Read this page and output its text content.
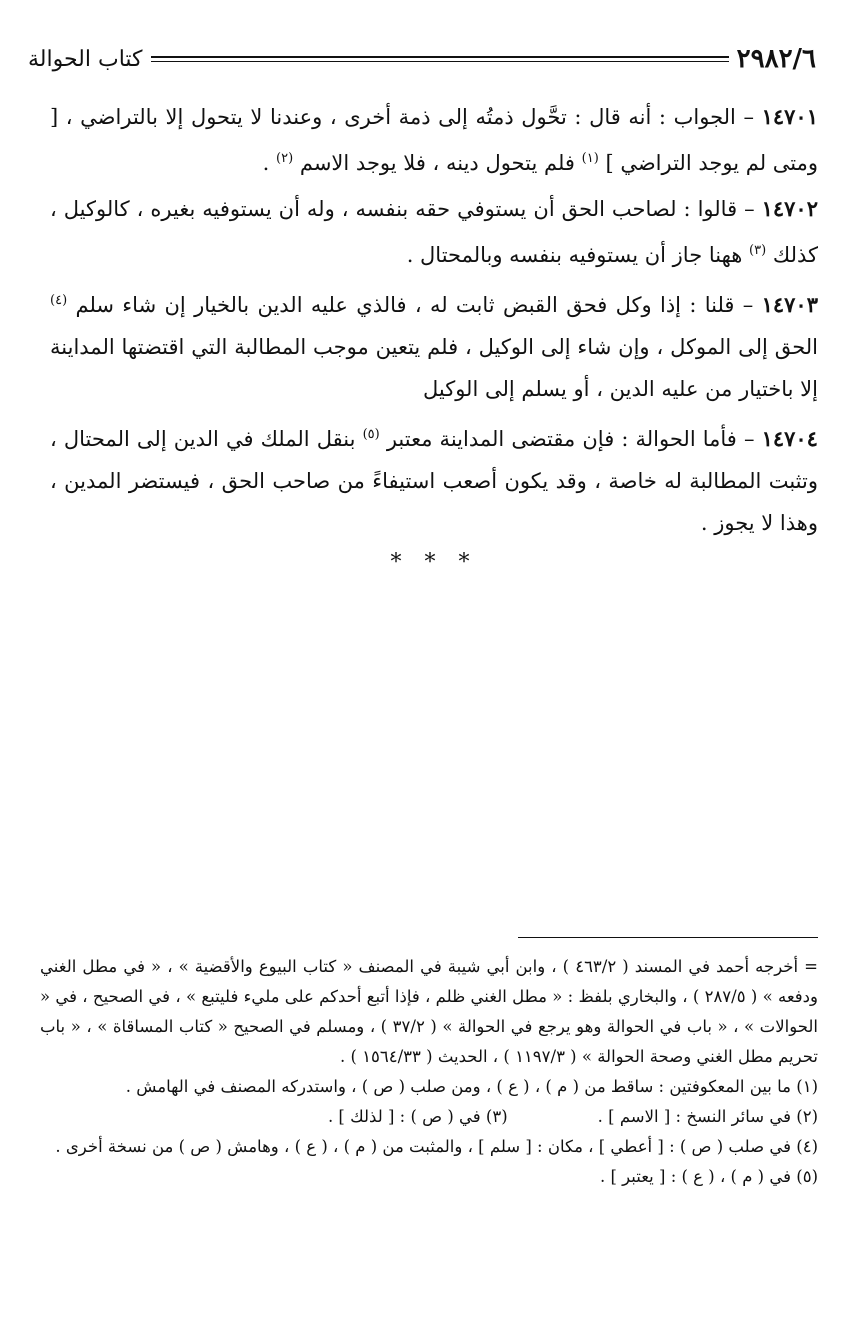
٢٩٨٢/٦
كتاب الحوالة

١٤٧٠١ – الجواب : أنه قال : تحَّول ذمتُه إلى ذمة أخرى ، وعندنا لا يتحول إلا بالتراضي ، [ ومتى لم يوجد التراضي ] $^{(١)}$ فلم يتحول دينه ، فلا يوجد الاسم $^{(٢)}$ .

١٤٧٠٢ – قالوا : لصاحب الحق أن يستوفي حقه بنفسه ، وله أن يستوفيه بغيره ، كالوكيل ، كذلك $^{(٣)}$ ههنا جاز أن يستوفيه بنفسه وبالمحتال .

١٤٧٠٣ – قلنا : إذا وكل فحق القبض ثابت له ، فالذي عليه الدين بالخيار إن شاء سلم $^{(٤)}$ الحق إلى الموكل ، وإن شاء إلى الوكيل ، فلم يتعين موجب المطالبة التي اقتضتها المداينة إلا باختيار من عليه الدين ، أو يسلم إلى الوكيل

١٤٧٠٤ – فأما الحوالة : فإن مقتضى المداينة معتبر $^{(٥)}$ بنقل الملك في الدين إلى المحتال ، وتثبت المطالبة له خاصة ، وقد يكون أصعب استيفاءً من صاحب الحق ، فيستضر المدين ، وهذا لا يجوز .

* * *

= أخرجه أحمد في المسند ( ٤٦٣/٢ ) ، وابن أبي شيبة في المصنف « كتاب البيوع والأقضية » ، « في مطل الغني ودفعه » ( ٢٨٧/٥ ) ، والبخاري بلفظ : « مطل الغني ظلم ، فإذا أتبع أحدكم على مليء فليتبع » ، في الصحيح ، في « الحوالات » ، « باب في الحوالة وهو يرجع في الحوالة » ( ٣٧/٢ ) ، ومسلم في الصحيح « كتاب المساقاة » ، « باب تحريم مطل الغني وصحة الحوالة » ( ١١٩٧/٣ ) ، الحديث ( ١٥٦٤/٣٣ ) .

(١) ما بين المعكوفتين : ساقط من ( م ) ، ( ع ) ، ومن صلب ( ص ) ، واستدركه المصنف في الهامش .

(٢) في سائر النسخ : [ الاسم ] .
(٣) في ( ص ) : [ لذلك ] .

(٤) في صلب ( ص ) : [ أعطي ] ، مكان : [ سلم ] ، والمثبت من ( م ) ، ( ع ) ، وهامش ( ص ) من نسخة أخرى .

(٥) في ( م ) ، ( ع ) : [ يعتبر ] .
